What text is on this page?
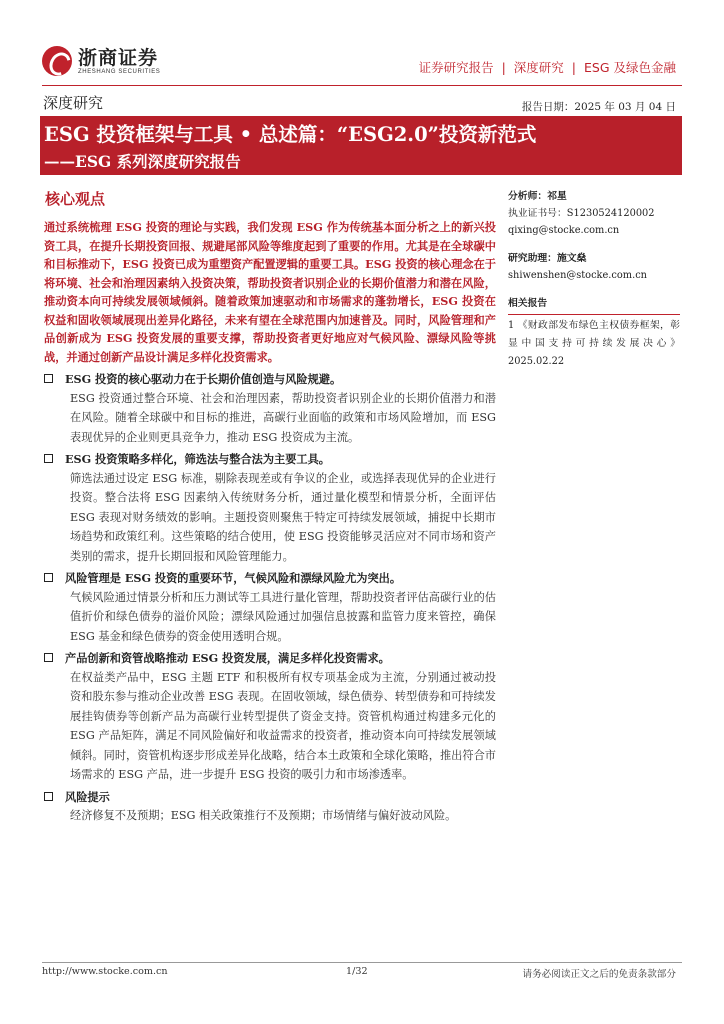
浙商证券
ZHESHANG SECURITIES	证券研究报告 | 深度研究 | ESG 及绿色金融
深度研究	报告日期：2025 年 03 月 04 日
ESG 投资框架与工具 • 总述篇：“ESG2.0”投资新范式
——ESG 系列深度研究报告
核心观点

通过系统梳理 ESG 投资的理论与实践，我们发现 ESG 作为传统基本面分析之上的新兴投资工具，在提升长期投资回报、规避尾部风险等维度起到了重要的作用。尤其是在全球碳中和目标推动下，ESG 投资已成为重塑资产配置逻辑的重要工具。ESG 投资的核心理念在于将环境、社会和治理因素纳入投资决策，帮助投资者识别企业的长期价值潜力和潜在风险，推动资本向可持续发展领域倾斜。随着政策加速驱动和市场需求的蓬勃增长，ESG 投资在权益和固收领域展现出差异化路径，未来有望在全球范围内加速普及。同时，风险管理和产品创新成为 ESG 投资发展的重要支撑，帮助投资者更好地应对气候风险、漂绿风险等挑战，并通过创新产品设计满足多样化投资需求。

ESG 投资的核心驱动力在于长期价值创造与风险规避。

ESG 投资通过整合环境、社会和治理因素，帮助投资者识别企业的长期价值潜力和潜在风险。随着全球碳中和目标的推进，高碳行业面临的政策和市场风险增加，而 ESG 表现优异的企业则更具竞争力，推动 ESG 投资成为主流。

ESG 投资策略多样化，筛选法与整合法为主要工具。

筛选法通过设定 ESG 标准，剔除表现差或有争议的企业，或选择表现优异的企业进行投资。整合法将 ESG 因素纳入传统财务分析，通过量化模型和情景分析，全面评估 ESG 表现对财务绩效的影响。主题投资则聚焦于特定可持续发展领域，捕捉中长期市场趋势和政策红利。这些策略的结合使用，使 ESG 投资能够灵活应对不同市场和资产类别的需求，提升长期回报和风险管理能力。

风险管理是 ESG 投资的重要环节，气候风险和漂绿风险尤为突出。

气候风险通过情景分析和压力测试等工具进行量化管理，帮助投资者评估高碳行业的估值折价和绿色债券的溢价风险；漂绿风险通过加强信息披露和监管力度来管控，确保 ESG 基金和绿色债券的资金使用透明合规。

产品创新和资管战略推动 ESG 投资发展，满足多样化投资需求。

在权益类产品中，ESG 主题 ETF 和积极所有权专项基金成为主流，分别通过被动投资和股东参与推动企业改善 ESG 表现。在固收领域，绿色债券、转型债券和可持续发展挂钩债券等创新产品为高碳行业转型提供了资金支持。资管机构通过构建多元化的 ESG 产品矩阵，满足不同风险偏好和收益需求的投资者，推动资本向可持续发展领域倾斜。同时，资管机构逐步形成差异化战略，结合本土政策和全球化策略，推出符合市场需求的 ESG 产品，进一步提升 ESG 投资的吸引力和市场渗透率。

风险提示

经济修复不及预期；ESG 相关政策推行不及预期；市场情绪与偏好波动风险。

分析师：祁星
执业证书号：S1230524120002
qixing@stocke.com.cn
研究助理：施文燊
shiwenshen@stocke.com.cn
相关报告
1 《财政部发布绿色主权债券框架，彰显中国支持可持续发展决心》 2025.02.22
http://www.stocke.com.cn	1/32	请务必阅读正文之后的免责条款部分
